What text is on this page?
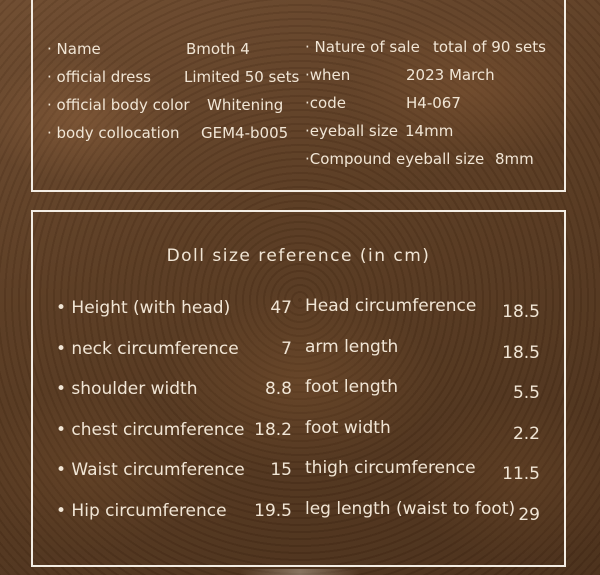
· Name	Bmoth 4
· official dress Limited 50 sets
· official body color Whitening
· body collocation GEM4-b005
· Nature of sale total of 90 sets
·when	2023 March
·code	H4-067
·eyeball size 14mm
·Compound eyeball size 8mm
Doll size reference (in cm)
• Height (with head) 47 Head circumference 18.5
• neck circumference 7 arm length	18.5
• shoulder width	8.8 foot length	5.5
• chest circumference 18.2 foot width	2.2
• Waist circumference 15 thigh circumference 11.5
• Hip circumference 19.5 leg length (waist to foot) 29
